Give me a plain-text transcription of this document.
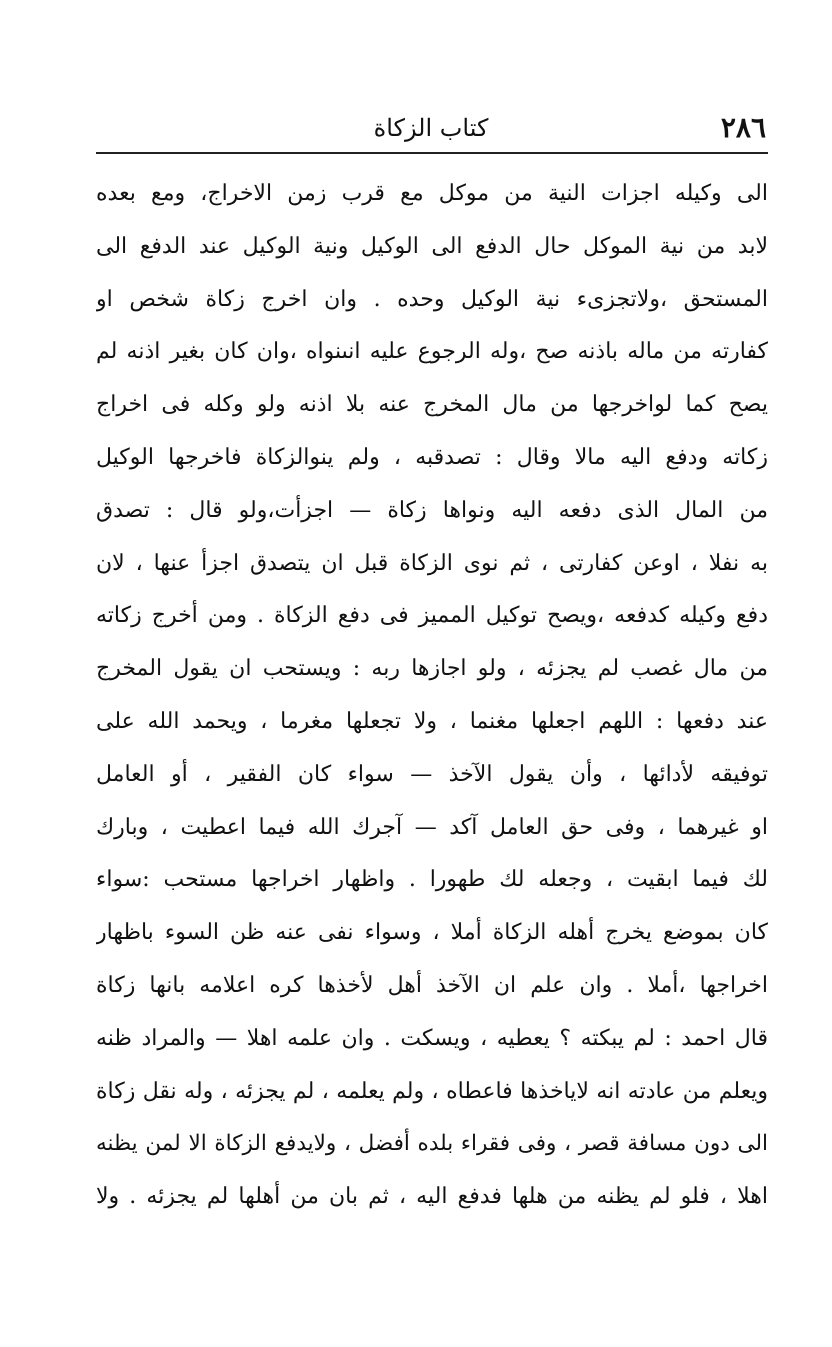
٢٨٦
كتاب الزكاة
الى وكيله اجزات النية من موكل مع قرب زمن الاخراج، ومع بعده
لابد من نية الموكل حال الدفع الى الوكيل ونية الوكيل عند الدفع الى
المستحق ،ولاتجزىء نية الوكيل وحده . وان اخرج زكاة شخص او
كفارته من ماله باذنه صح ،وله الرجوع عليه انىنواه ،وان كان بغير اذنه لم
يصح كما لواخرجها من مال المخرج عنه بلا اذنه ولو وكله فى اخراج
زكاته ودفع اليه مالا وقال : تصدقبه ، ولم ينوالزكاة فاخرجها الوكيل
من المال الذى دفعه اليه ونواها زكاة — اجزأت،ولو قال : تصدق
به نفلا ، اوعن كفارتى ، ثم نوى الزكاة قبل ان يتصدق اجزأ عنها ، لان
دفع وكيله كدفعه ،ويصح توكيل المميز فى دفع الزكاة . ومن أخرج زكاته
من مال غصب لم يجزئه ، ولو اجازها ربه : ويستحب ان يقول المخرج
عند دفعها : اللهم اجعلها مغنما ، ولا تجعلها مغرما ، ويحمد الله على
توفيقه لأدائها ، وأن يقول الآخذ — سواء كان الفقير ، أو العامل
او غيرهما ، وفى حق العامل آكد — آجرك الله فيما اعطيت ، وبارك
لك فيما ابقيت ، وجعله لك طهورا . واظهار اخراجها مستحب :سواء
كان بموضع يخرج أهله الزكاة أملا ، وسواء نفى عنه ظن السوء باظهار
اخراجها ،أملا . وان علم ان الآخذ أهل لأخذها كره اعلامه بانها زكاة
قال احمد : لم يبكته ؟ يعطيه ، ويسكت . وان علمه اهلا — والمراد ظنه
ويعلم من عادته انه لاياخذها فاعطاه ، ولم يعلمه ، لم يجزئه ، وله نقل زكاة
الى دون مسافة قصر ، وفى فقراء بلده أفضل ، ولايدفع الزكاة الا لمن يظنه
اهلا ، فلو لم يظنه من هلها فدفع اليه ، ثم بان من أهلها لم يجزئه . ولا
